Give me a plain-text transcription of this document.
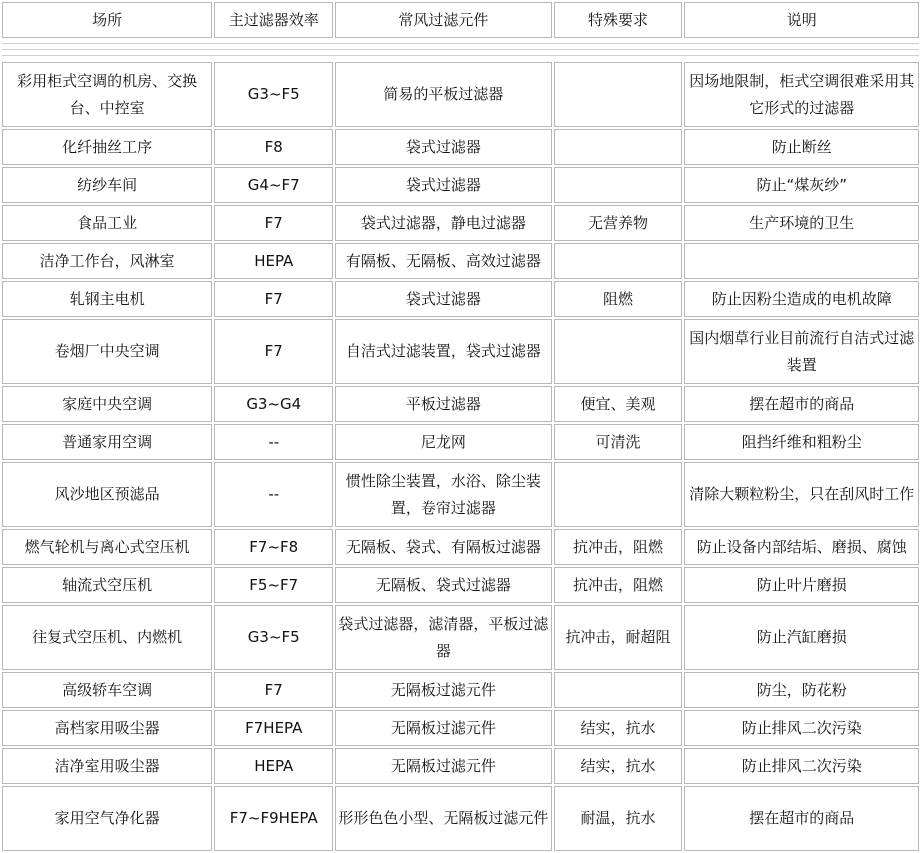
场所	主过滤器效率	常风过滤元件	特殊要求	说明

彩用柜式空调的机房、交换台、中控室	G3~F5	简易的平板过滤器		因场地限制，柜式空调很难采用其它形式的过滤器
化纤抽丝工序	F8	袋式过滤器		防止断丝
纺纱车间	G4~F7	袋式过滤器		防止“煤灰纱”
食品工业	F7	袋式过滤器，静电过滤器	无营养物	生产环境的卫生
洁净工作台，风淋室	HEPA	有隔板、无隔板、高效过滤器		
轧钢主电机	F7	袋式过滤器	阻燃	防止因粉尘造成的电机故障
卷烟厂中央空调	F7	自洁式过滤装置，袋式过滤器		国内烟草行业目前流行自洁式过滤装置
家庭中央空调	G3~G4	平板过滤器	便宜、美观	摆在超市的商品
普通家用空调	--	尼龙网	可清洗	阻挡纤维和粗粉尘
风沙地区预滤品	--	惯性除尘装置，水浴、除尘装置，卷帘过滤器		清除大颗粒粉尘，只在刮风时工作
燃气轮机与离心式空压机	F7~F8	无隔板、袋式、有隔板过滤器	抗冲击，阻燃	防止设备内部结垢、磨损、腐蚀
轴流式空压机	F5~F7	无隔板、袋式过滤器	抗冲击，阻燃	防止叶片磨损
往复式空压机、内燃机	G3~F5	袋式过滤器，滤清器，平板过滤器	抗冲击，耐超阻	防止汽缸磨损
高级轿车空调	F7	无隔板过滤元件		防尘，防花粉
高档家用吸尘器	F7HEPA	无隔板过滤元件	结实，抗水	防止排风二次污染
洁净室用吸尘器	HEPA	无隔板过滤元件	结实，抗水	防止排风二次污染
家用空气净化器	F7~F9HEPA	形形色色小型、无隔板过滤元件	耐温，抗水	摆在超市的商品
